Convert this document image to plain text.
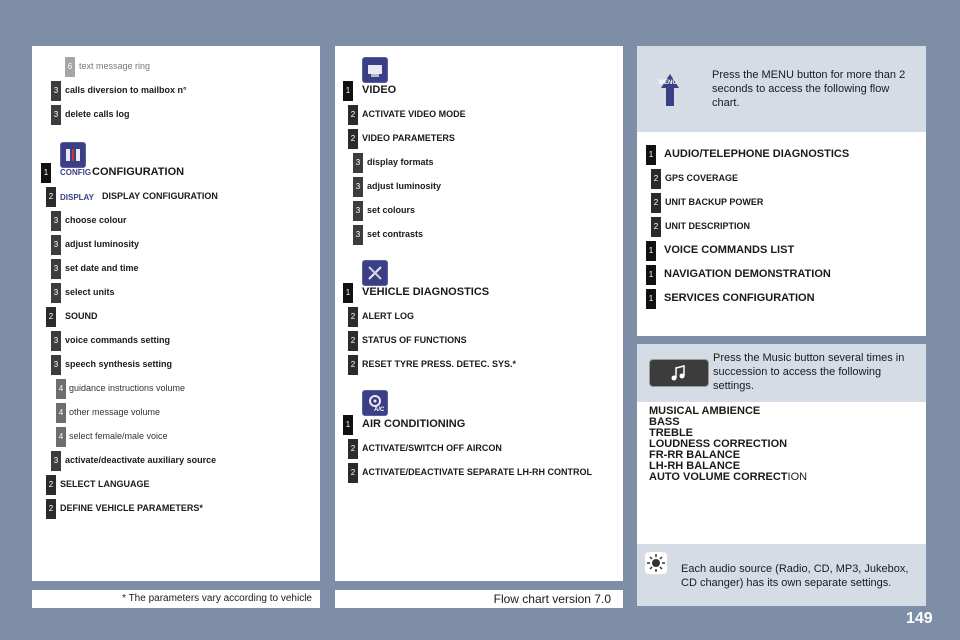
6 text message ring
3 calls diversion to mailbox n°
3 delete calls log
CONFIG
1	CONFIGURATION
DISPLAY
2	DISPLAY CONFIGURATION
3 choose colour
3 adjust luminosity
3 set date and time
3 select units
2	SOUND
3 voice commands setting
3 speech synthesis setting
4 guidance instructions volume
4 other message volume
4 select female/male voice
3 activate/deactivate auxiliary source
2 SELECT LANGUAGE
2 DEFINE VEHICLE PARAMETERS*
* The parameters vary according to vehicle
1 VIDEO
2 ACTIVATE VIDEO MODE
2 VIDEO PARAMETERS
3 display formats
3 adjust luminosity
3 set colours
3 set contrasts
1 VEHICLE DIAGNOSTICS
2 ALERT LOG
2 STATUS OF FUNCTIONS
2 RESET TYRE PRESS. DETEC. SYS.*
A/C
1 AIR CONDITIONING
2 ACTIVATE/SWITCH OFF AIRCON
2 ACTIVATE/DEACTIVATE SEPARATE LH-RH CONTROL
Flow chart version 7.0
MENU
Press the MENU button for more than 2 seconds to access the following flow chart.
1 AUDIO/TELEPHONE DIAGNOSTICS
2 GPS COVERAGE
2 UNIT BACKUP POWER
2 UNIT DESCRIPTION
1 VOICE COMMANDS LIST
1 NAVIGATION DEMONSTRATION
1 SERVICES CONFIGURATION
Press the Music button several times in succession to access the following settings.
MUSICAL AMBIENCE
BASS
TREBLE
LOUDNESS CORRECTION
FR-RR BALANCE
LH-RH BALANCE
AUTO VOLUME CORRECTION
Each audio source (Radio, CD, MP3, Jukebox, CD changer) has its own separate settings.
149
